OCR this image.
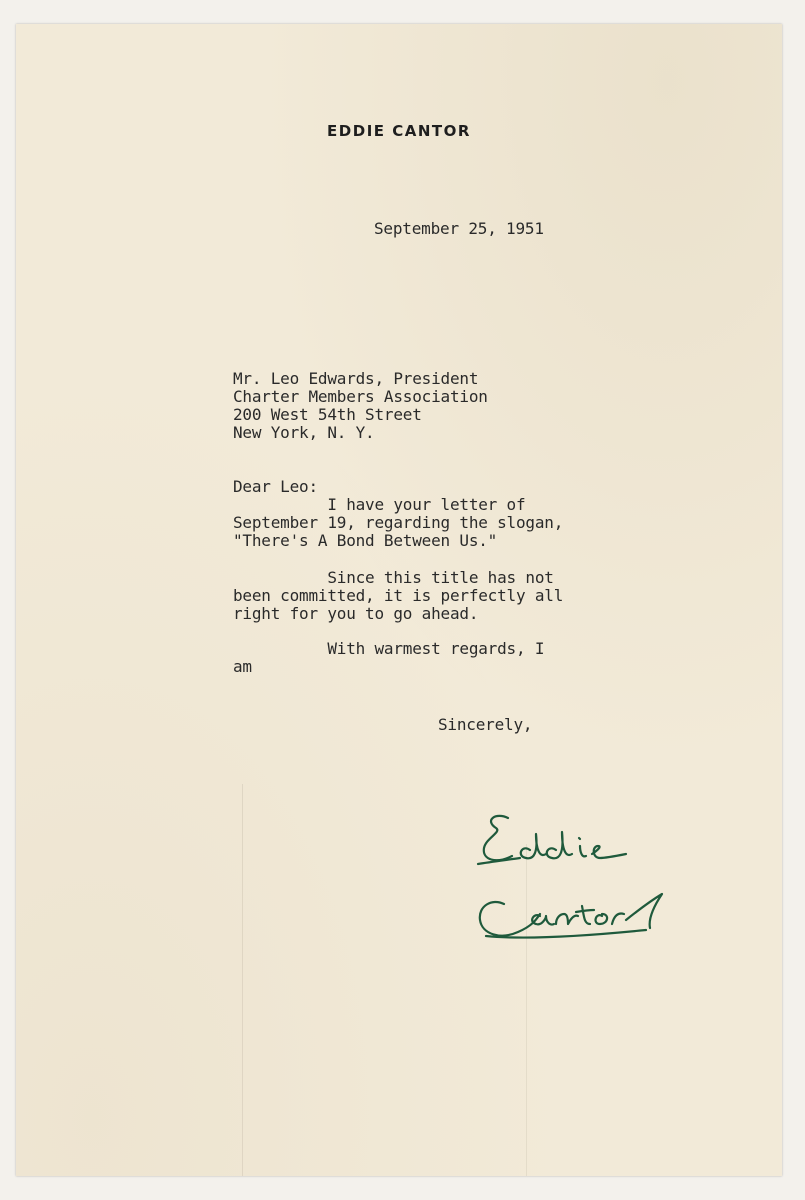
EDDIE CANTOR
September 25, 1951
Mr. Leo Edwards, President
Charter Members Association
200 West 54th Street
New York, N. Y.
Dear Leo:
I have your letter of
September 19, regarding the slogan,
"There's A Bond Between Us."
Since this title has not
been committed, it is perfectly all
right for you to go ahead.
With warmest regards, I
am
Sincerely,
